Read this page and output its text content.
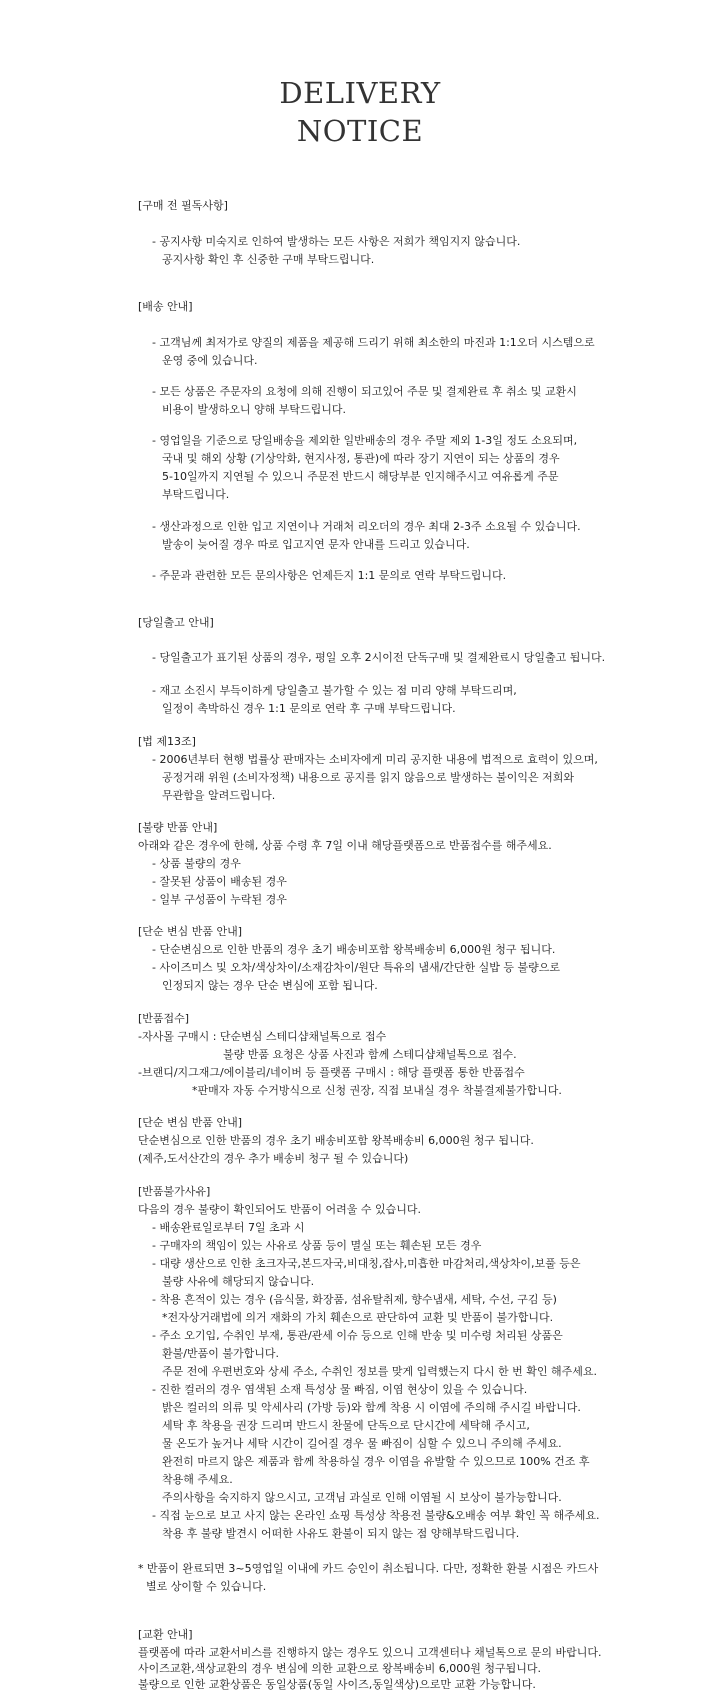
DELIVERY
NOTICE
[구매 전 필독사항]
- 공지사항 미숙지로 인하여 발생하는 모든 사항은 저희가 책임지지 않습니다.
공지사항 확인 후 신중한 구매 부탁드립니다.
[배송 안내]
- 고객님께 최저가로 양질의 제품을 제공해 드리기 위해 최소한의 마진과 1:1오더 시스템으로
운영 중에 있습니다.
- 모든 상품은 주문자의 요청에 의해 진행이 되고있어 주문 및 결제완료 후 취소 및 교환시
비용이 발생하오니 양해 부탁드립니다.
- 영업일을 기준으로 당일배송을 제외한 일반배송의 경우 주말 제외 1-3일 정도 소요되며,
국내 및 해외 상황 (기상악화, 현지사정, 통관)에 따라 장기 지연이 되는 상품의 경우
5-10일까지 지연될 수 있으니 주문전 반드시 해당부분 인지해주시고 여유롭게 주문
부탁드립니다.
- 생산과정으로 인한 입고 지연이나 거래처 리오더의 경우 최대 2-3주 소요될 수 있습니다.
발송이 늦어질 경우 따로 입고지연 문자 안내를 드리고 있습니다.
- 주문과 관련한 모든 문의사항은 언제든지 1:1 문의로 연락 부탁드립니다.
[당일출고 안내]
- 당일출고가 표기된 상품의 경우, 평일 오후 2시이전 단독구매 및 결제완료시 당일출고 됩니다.
- 재고 소진시 부득이하게 당일출고 불가할 수 있는 점 미리 양해 부탁드리며,
일정이 촉박하신 경우 1:1 문의로 연락 후 구매 부탁드립니다.
[법 제13조]
- 2006년부터 현행 법률상 판매자는 소비자에게 미리 공지한 내용에 법적으로 효력이 있으며,
공정거래 위원 (소비자정책) 내용으로 공지를 읽지 않음으로 발생하는 불이익은 저희와
무관함을 알려드립니다.
[불량 반품 안내]
아래와 같은 경우에 한해, 상품 수령 후 7일 이내 해당플랫폼으로 반품접수를 해주세요.
- 상품 불량의 경우
- 잘못된 상품이 배송된 경우
- 일부 구성품이 누락된 경우
[단순 변심 반품 안내]
- 단순변심으로 인한 반품의 경우 초기 배송비포함 왕복배송비 6,000원 청구 됩니다.
- 사이즈미스 및 오차/색상차이/소재감차이/원단 특유의 냄새/간단한 실밥 등 불량으로
인정되지 않는 경우 단순 변심에 포함 됩니다.
[반품접수]
-자사몰 구매시 : 단순변심 스테디샵채널톡으로 접수
불량 반품 요청은 상품 사진과 함께 스테디샵채널톡으로 접수.
-브랜디/지그재그/에이블리/네이버 등 플랫폼 구매시 : 해당 플랫폼 통한 반품접수
*판매자 자동 수거방식으로 신청 권장, 직접 보내실 경우 착불결제불가합니다.
[단순 변심 반품 안내]
단순변심으로 인한 반품의 경우 초기 배송비포함 왕복배송비 6,000원 청구 됩니다.
(제주,도서산간의 경우 추가 배송비 청구 될 수 있습니다)
[반품불가사유]
다음의 경우 불량이 확인되어도 반품이 어려울 수 있습니다.
- 배송완료일로부터 7일 초과 시
- 구매자의 책임이 있는 사유로 상품 등이 멸실 또는 훼손된 모든 경우
- 대량 생산으로 인한 초크자국,본드자국,비대칭,잡사,미흡한 마감처리,색상차이,보풀 등은
불량 사유에 해당되지 않습니다.
- 착용 흔적이 있는 경우 (음식물, 화장품, 섬유탈취제, 향수냄새, 세탁, 수선, 구김 등)
*전자상거래법에 의거 재화의 가치 훼손으로 판단하여 교환 및 반품이 불가합니다.
- 주소 오기입, 수취인 부재, 통관/관세 이슈 등으로 인해 반송 및 미수령 처리된 상품은
환불/반품이 불가합니다.
주문 전에 우편번호와 상세 주소, 수취인 정보를 맞게 입력했는지 다시 한 번 확인 해주세요.
- 진한 컬러의 경우 염색된 소재 특성상 물 빠짐, 이염 현상이 있을 수 있습니다.
밝은 컬러의 의류 및 악세사리 (가방 등)와 함께 착용 시 이염에 주의해 주시길 바랍니다.
세탁 후 착용을 권장 드리며 반드시 찬물에 단독으로 단시간에 세탁해 주시고,
물 온도가 높거나 세탁 시간이 길어질 경우 물 빠짐이 심할 수 있으니 주의해 주세요.
완전히 마르지 않은 제품과 함께 착용하실 경우 이염을 유발할 수 있으므로 100% 건조 후
착용해 주세요.
주의사항을 숙지하지 않으시고, 고객님 과실로 인해 이염될 시 보상이 불가능합니다.
- 직접 눈으로 보고 사지 않는 온라인 쇼핑 특성상 착용전 불량&오배송 여부 확인 꼭 해주세요.
착용 후 불량 발견시 어떠한 사유도 환불이 되지 않는 점 양해부탁드립니다.
* 반품이 완료되면 3~5영업일 이내에 카드 승인이 취소됩니다. 다만, 정확한 환불 시점은 카드사
별로 상이할 수 있습니다.
[교환 안내]
플랫폼에 따라 교환서비스를 진행하지 않는 경우도 있으니 고객센터나 채널톡으로 문의 바랍니다.
사이즈교환,색상교환의 경우 변심에 의한 교환으로 왕복배송비 6,000원 청구됩니다.
불량으로 인한 교환상품은 동일상품(동일 사이즈,동일색상)으로만 교환 가능합니다.
